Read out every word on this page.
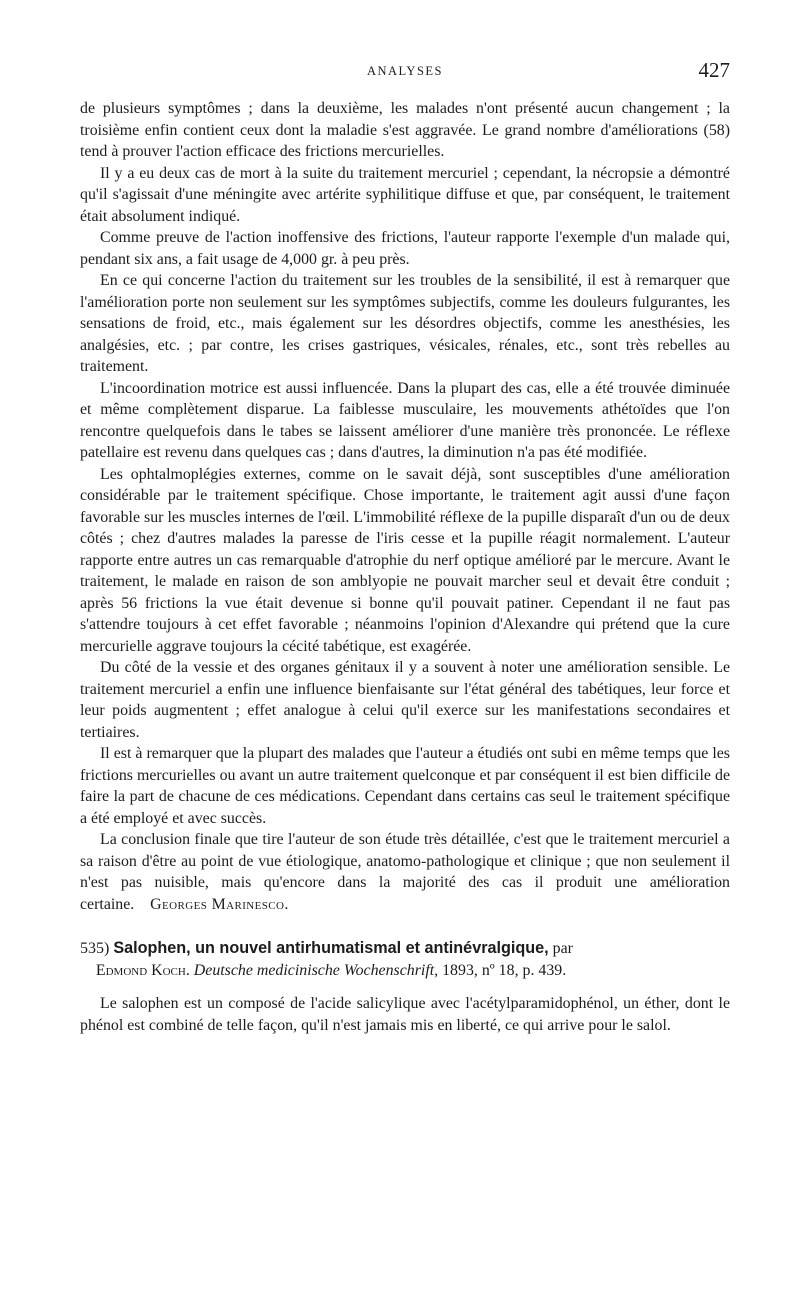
ANALYSES	427

de plusieurs symptômes ; dans la deuxième, les malades n'ont présenté aucun changement ; la troisième enfin contient ceux dont la maladie s'est aggravée. Le grand nombre d'améliorations (58) tend à prouver l'action efficace des frictions mercurielles.

Il y a eu deux cas de mort à la suite du traitement mercuriel ; cependant, la nécropsie a démontré qu'il s'agissait d'une méningite avec artérite syphilitique diffuse et que, par conséquent, le traitement était absolument indiqué.

Comme preuve de l'action inoffensive des frictions, l'auteur rapporte l'exemple d'un malade qui, pendant six ans, a fait usage de 4,000 gr. à peu près.

En ce qui concerne l'action du traitement sur les troubles de la sensibilité, il est à remarquer que l'amélioration porte non seulement sur les symptômes subjectifs, comme les douleurs fulgurantes, les sensations de froid, etc., mais également sur les désordres objectifs, comme les anesthésies, les analgésies, etc. ; par contre, les crises gastriques, vésicales, rénales, etc., sont très rebelles au traitement.

L'incoordination motrice est aussi influencée. Dans la plupart des cas, elle a été trouvée diminuée et même complètement disparue. La faiblesse musculaire, les mouvements athétoïdes que l'on rencontre quelquefois dans le tabes se laissent améliorer d'une manière très prononcée. Le réflexe patellaire est revenu dans quelques cas ; dans d'autres, la diminution n'a pas été modifiée.

Les ophtalmoplégies externes, comme on le savait déjà, sont susceptibles d'une amélioration considérable par le traitement spécifique. Chose importante, le traitement agit aussi d'une façon favorable sur les muscles internes de l'œil. L'immobilité réflexe de la pupille disparaît d'un ou de deux côtés ; chez d'autres malades la paresse de l'iris cesse et la pupille réagit normalement. L'auteur rapporte entre autres un cas remarquable d'atrophie du nerf optique amélioré par le mercure. Avant le traitement, le malade en raison de son amblyopie ne pouvait marcher seul et devait être conduit ; après 56 frictions la vue était devenue si bonne qu'il pouvait patiner. Cependant il ne faut pas s'attendre toujours à cet effet favorable ; néanmoins l'opinion d'Alexandre qui prétend que la cure mercurielle aggrave toujours la cécité tabétique, est exagérée.

Du côté de la vessie et des organes génitaux il y a souvent à noter une amélioration sensible. Le traitement mercuriel a enfin une influence bienfaisante sur l'état général des tabétiques, leur force et leur poids augmentent ; effet analogue à celui qu'il exerce sur les manifestations secondaires et tertiaires.

Il est à remarquer que la plupart des malades que l'auteur a étudiés ont subi en même temps que les frictions mercurielles ou avant un autre traitement quelconque et par conséquent il est bien difficile de faire la part de chacune de ces médications. Cependant dans certains cas seul le traitement spécifique a été employé et avec succès.

La conclusion finale que tire l'auteur de son étude très détaillée, c'est que le traitement mercuriel a sa raison d'être au point de vue étiologique, anatomo-pathologique et clinique ; que non seulement il n'est pas nuisible, mais qu'encore dans la majorité des cas il produit une amélioration certaine. Georges Marinesco.

535) Salophen, un nouvel antirhumatismal et antinévralgique, par
Edmond Koch. Deutsche medicinische Wochenschrift, 1893, nº 18, p. 439.

Le salophen est un composé de l'acide salicylique avec l'acétylparamidophénol, un éther, dont le phénol est combiné de telle façon, qu'il n'est jamais mis en liberté, ce qui arrive pour le salol.
